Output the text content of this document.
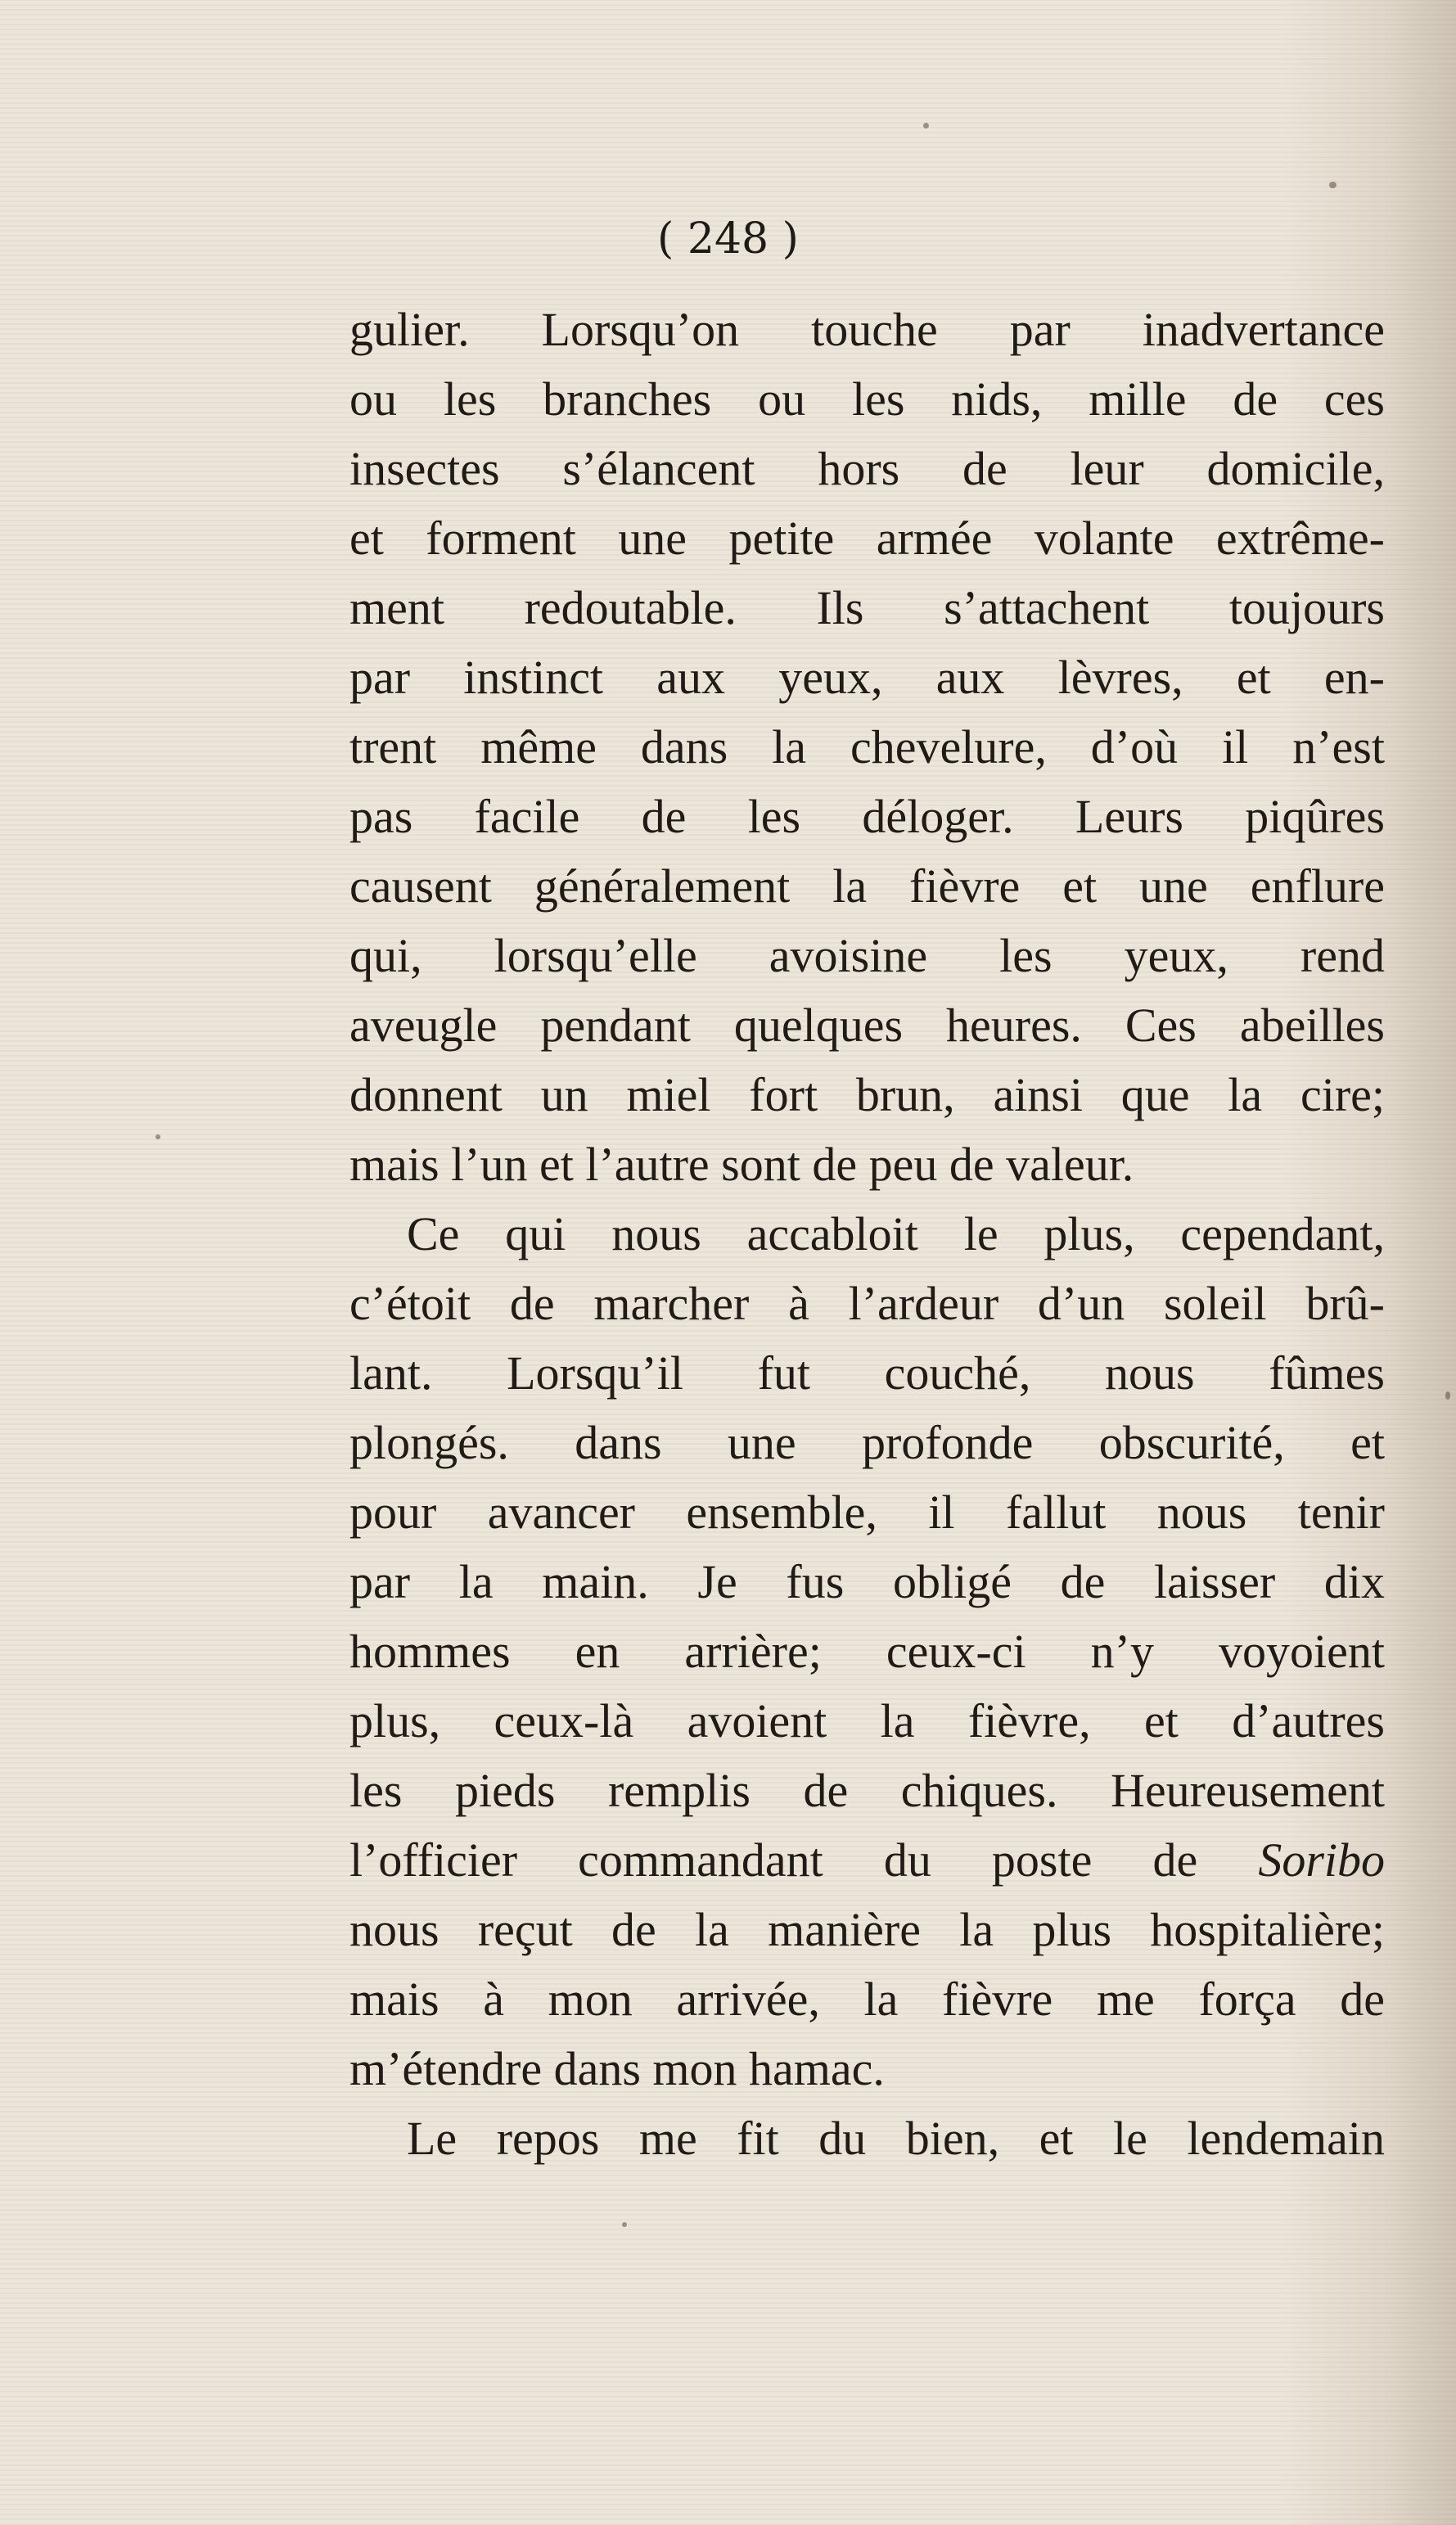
( 248 )
gulier. Lorsqu’on touche par inadvertance
ou les branches ou les nids, mille de ces
insectes s’élancent hors de leur domicile,
et forment une petite armée volante extrême-
ment redoutable. Ils s’attachent toujours
par instinct aux yeux, aux lèvres, et en-
trent même dans la chevelure, d’où il n’est
pas facile de les déloger. Leurs piqûres
causent généralement la fièvre et une enflure
qui, lorsqu’elle avoisine les yeux, rend
aveugle pendant quelques heures. Ces abeilles
donnent un miel fort brun, ainsi que la cire;
mais l’un et l’autre sont de peu de valeur.
Ce qui nous accabloit le plus, cependant,
c’étoit de marcher à l’ardeur d’un soleil brû-
lant. Lorsqu’il fut couché, nous fûmes
plongés. dans une profonde obscurité, et
pour avancer ensemble, il fallut nous tenir
par la main. Je fus obligé de laisser dix
hommes en arrière; ceux-ci n’y voyoient
plus, ceux-là avoient la fièvre, et d’autres
les pieds remplis de chiques. Heureusement
l’officier commandant du poste de Soribo
nous reçut de la manière la plus hospitalière;
mais à mon arrivée, la fièvre me força de
m’étendre dans mon hamac.
Le repos me fit du bien, et le lendemain
